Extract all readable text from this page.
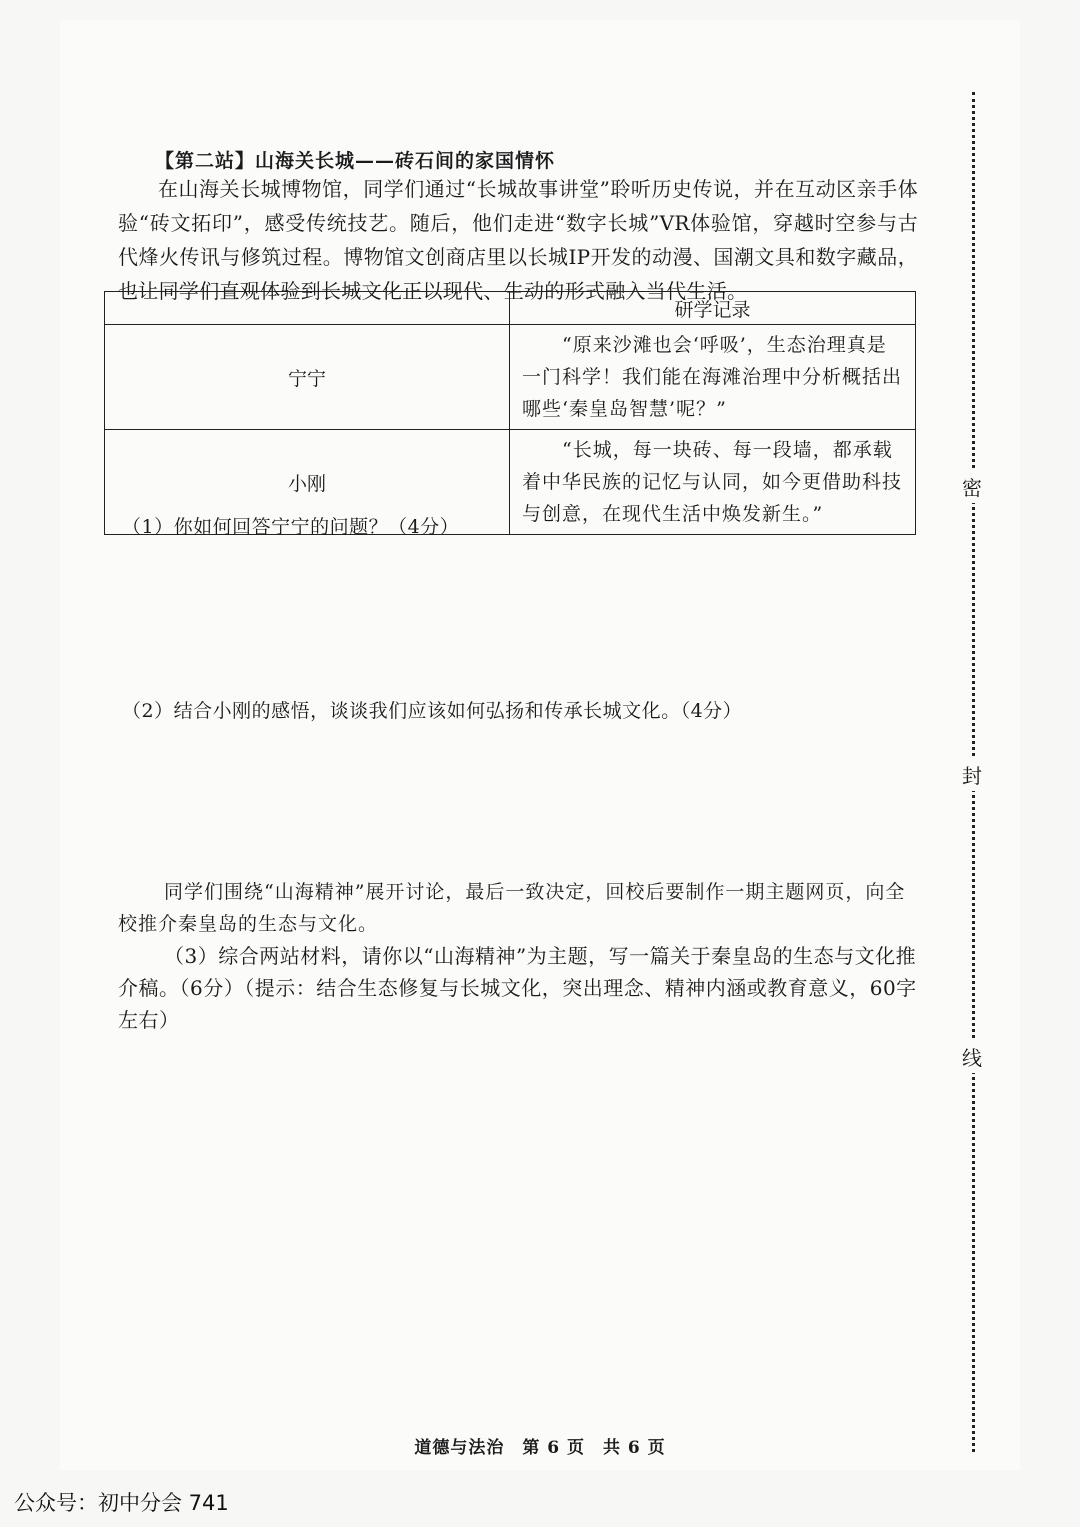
【第二站】山海关长城——砖石间的家国情怀
在山海关长城博物馆，同学们通过“长城故事讲堂”聆听历史传说，并在互动区亲手体验“砖文拓印”，感受传统技艺。随后，他们走进“数字长城”VR体验馆，穿越时空参与古代烽火传讯与修筑过程。博物馆文创商店里以长城IP开发的动漫、国潮文具和数字藏品，也让同学们直观体验到长城文化正以现代、生动的形式融入当代生活。
	研学记录
宁宁	“原来沙滩也会‘呼吸’，生态治理真是一门科学！我们能在海滩治理中分析概括出哪些‘秦皇岛智慧’呢？”

小刚	“长城，每一块砖、每一段墙，都承载着中华民族的记忆与认同，如今更借助科技与创意，在现代生活中焕发新生。”
（1）你如何回答宁宁的问题？（4分）
（2）结合小刚的感悟，谈谈我们应该如何弘扬和传承长城文化。（4分）
同学们围绕“山海精神”展开讨论，最后一致决定，回校后要制作一期主题网页，向全校推介秦皇岛的生态与文化。
（3）综合两站材料，请你以“山海精神”为主题，写一篇关于秦皇岛的生态与文化推介稿。（6分）（提示：结合生态修复与长城文化，突出理念、精神内涵或教育意义，60字左右）
密
封
线
道德与法治　第 6 页　共 6 页
公众号：初中分会 741
